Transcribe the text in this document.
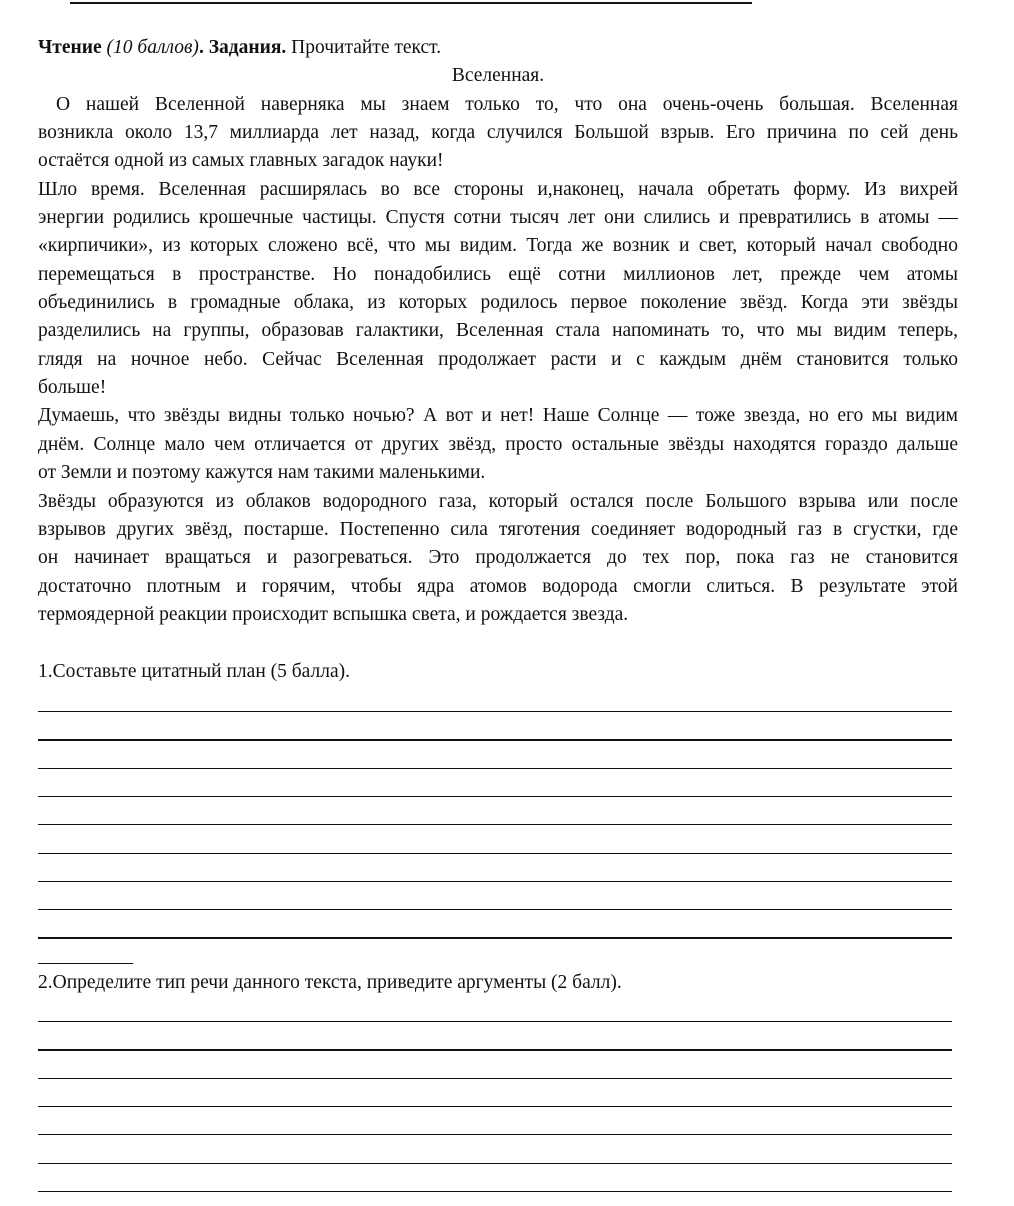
Чтение (10 баллов). Задания. Прочитайте текст.
Вселенная.
О нашей Вселенной наверняка мы знаем только то, что она очень-очень большая. Вселенная
возникла около 13,7 миллиарда лет назад, когда случился Большой взрыв. Его причина по сей день
остаётся одной из самых главных загадок науки!
Шло время. Вселенная расширялась во все стороны и,наконец, начала обретать форму. Из вихрей
энергии родились крошечные частицы. Спустя сотни тысяч лет они слились и превратились в атомы —
«кирпичики», из которых сложено всё, что мы видим. Тогда же возник и свет, который начал свободно
перемещаться в пространстве. Но понадобились ещё сотни миллионов лет, прежде чем атомы
объединились в громадные облака, из которых родилось первое поколение звёзд. Когда эти звёзды
разделились на группы, образовав галактики, Вселенная стала напоминать то, что мы видим теперь,
глядя на ночное небо. Сейчас Вселенная продолжает расти и с каждым днём становится только
больше!
Думаешь, что звёзды видны только ночью? А вот и нет! Наше Солнце — тоже звезда, но его мы видим
днём. Солнце мало чем отличается от других звёзд, просто остальные звёзды находятся гораздо дальше
от Земли и поэтому кажутся нам такими маленькими.
Звёзды образуются из облаков водородного газа, который остался после Большого взрыва или после
взрывов других звёзд, постарше. Постепенно сила тяготения соединяет водородный газ в сгустки, где
он начинает вращаться и разогреваться. Это продолжается до тех пор, пока газ не становится
достаточно плотным и горячим, чтобы ядра атомов водорода смогли слиться. В результате этой
термоядерной реакции происходит вспышка света, и рождается звезда.
1.Составьте цитатный план (5 балла).
2.Определите тип речи данного текста, приведите аргументы (2 балл).
